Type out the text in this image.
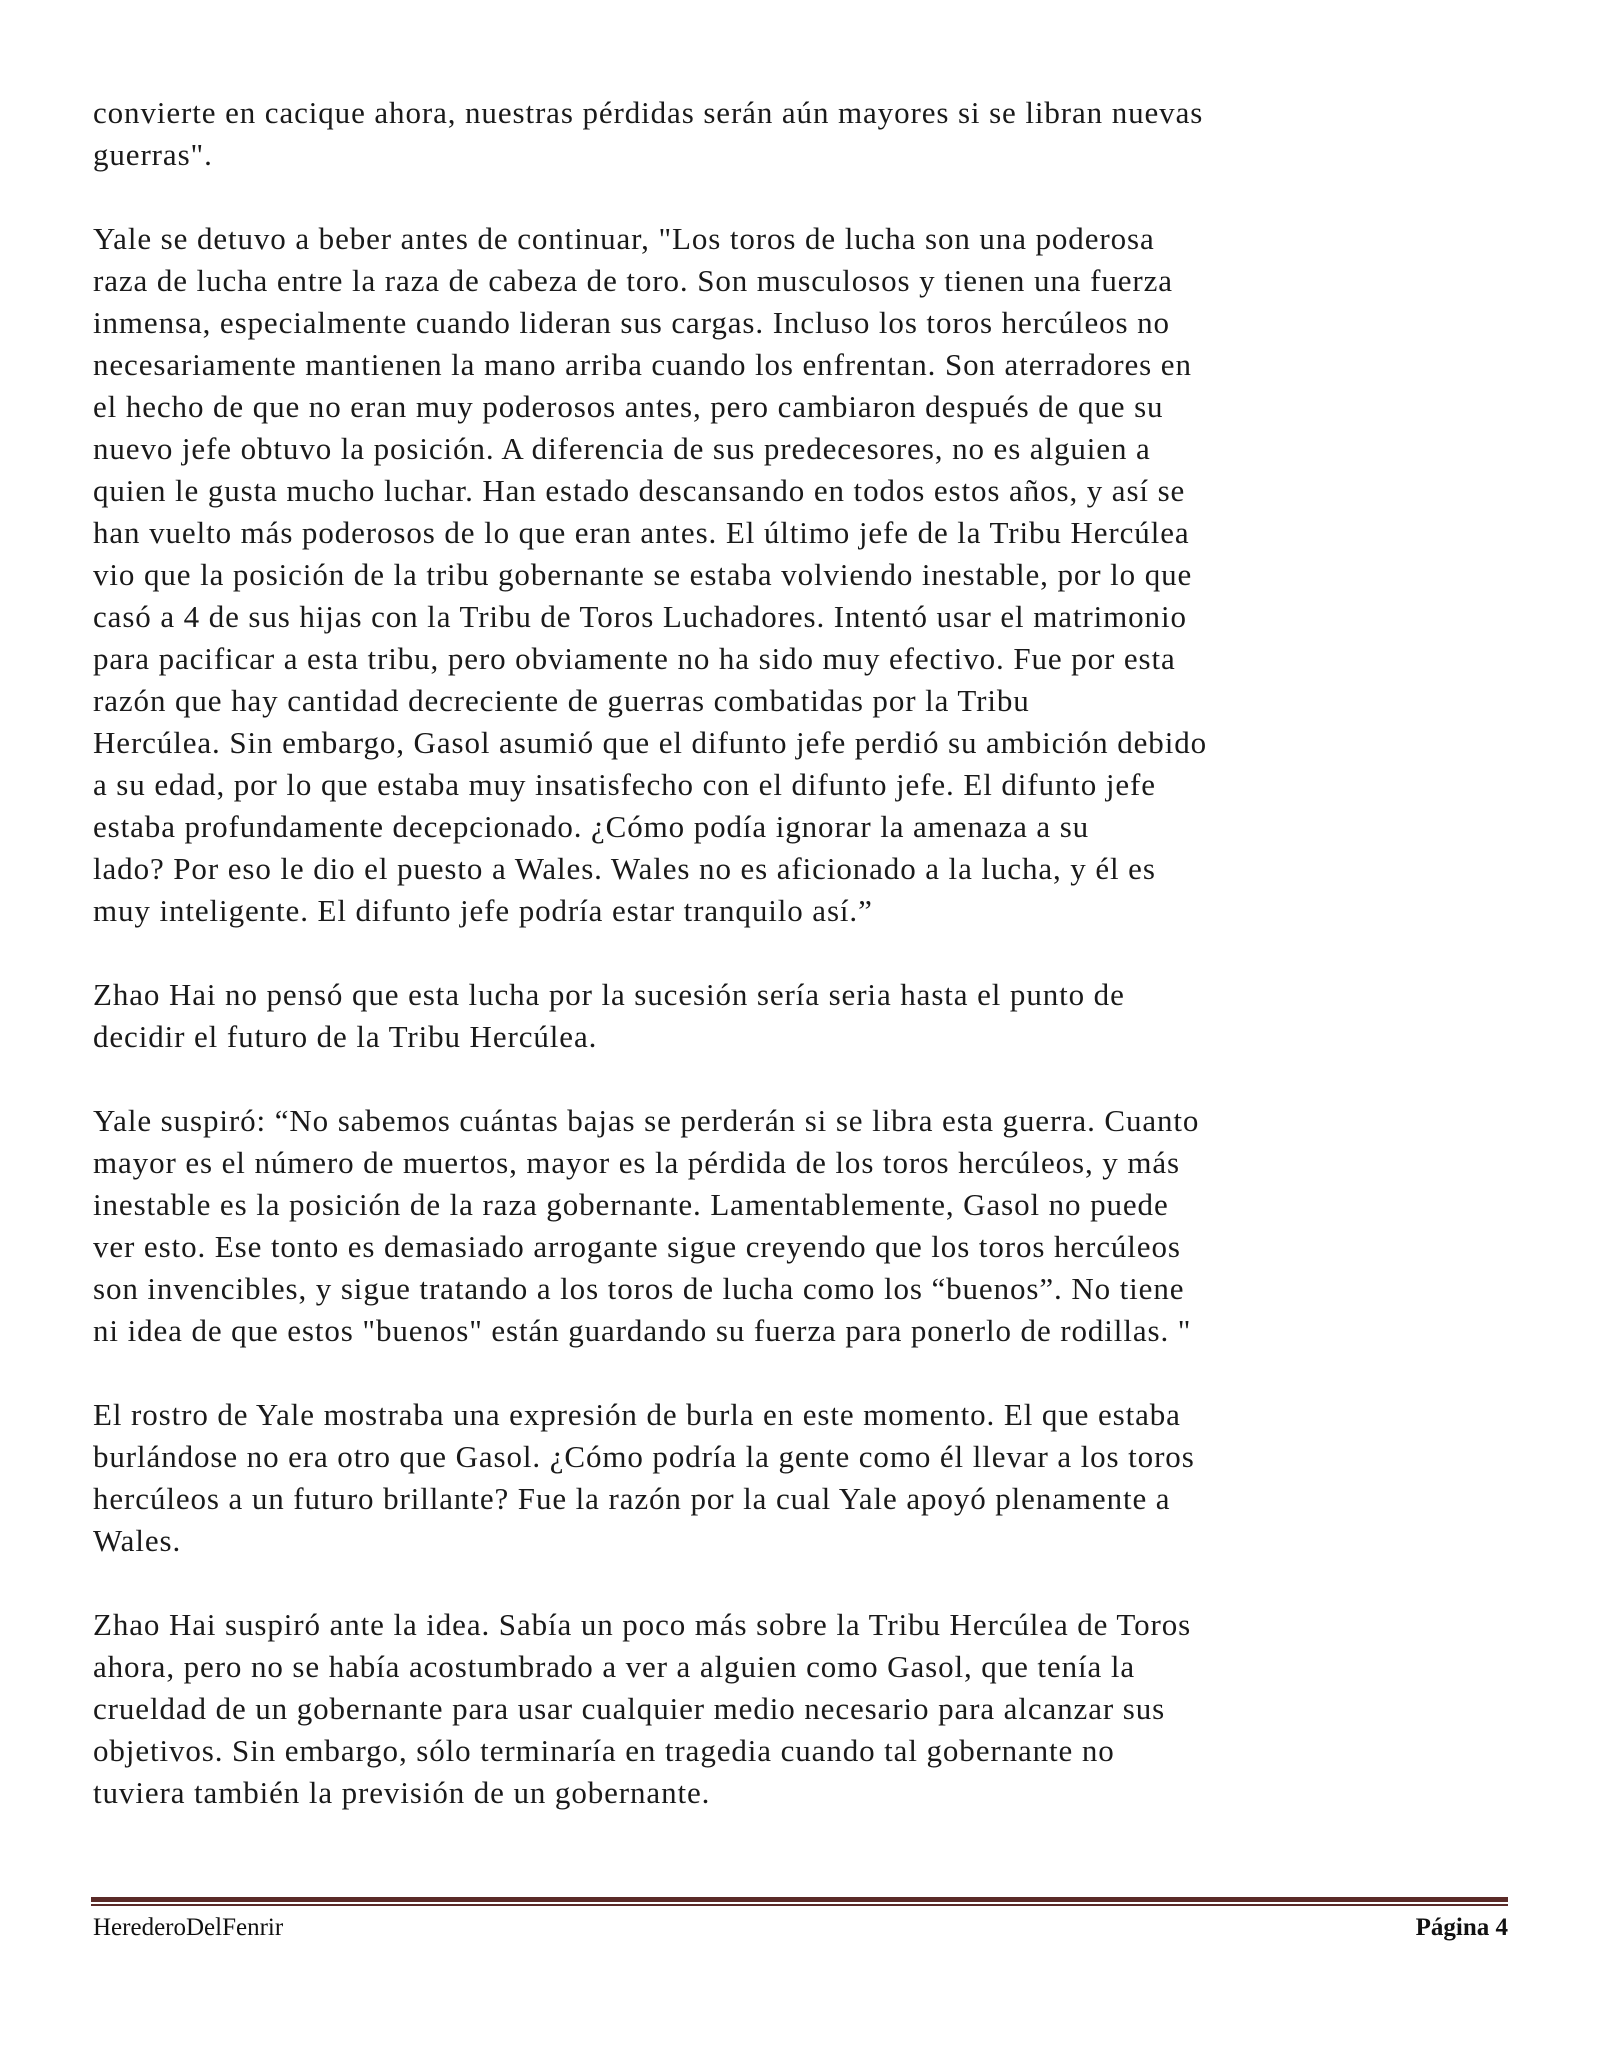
convierte en cacique ahora, nuestras pérdidas serán aún mayores si se libran nuevas
guerras".

Yale se detuvo a beber antes de continuar, "Los toros de lucha son una poderosa
raza de lucha entre la raza de cabeza de toro. Son musculosos y tienen una fuerza
inmensa, especialmente cuando lideran sus cargas. Incluso los toros hercúleos no
necesariamente mantienen la mano arriba cuando los enfrentan. Son aterradores en
el hecho de que no eran muy poderosos antes, pero cambiaron después de que su
nuevo jefe obtuvo la posición. A diferencia de sus predecesores, no es alguien a
quien le gusta mucho luchar. Han estado descansando en todos estos años, y así se
han vuelto más poderosos de lo que eran antes. El último jefe de la Tribu Hercúlea
vio que la posición de la tribu gobernante se estaba volviendo inestable, por lo que
casó a 4 de sus hijas con la Tribu de Toros Luchadores. Intentó usar el matrimonio
para pacificar a esta tribu, pero obviamente no ha sido muy efectivo. Fue por esta
razón que hay cantidad decreciente de guerras combatidas por la Tribu
Hercúlea. Sin embargo, Gasol asumió que el difunto jefe perdió su ambición debido
a su edad, por lo que estaba muy insatisfecho con el difunto jefe. El difunto jefe
estaba profundamente decepcionado. ¿Cómo podía ignorar la amenaza a su
lado? Por eso le dio el puesto a Wales. Wales no es aficionado a la lucha, y él es
muy inteligente. El difunto jefe podría estar tranquilo así.”

Zhao Hai no pensó que esta lucha por la sucesión sería seria hasta el punto de
decidir el futuro de la Tribu Hercúlea.

Yale suspiró: “No sabemos cuántas bajas se perderán si se libra esta guerra. Cuanto
mayor es el número de muertos, mayor es la pérdida de los toros hercúleos, y más
inestable es la posición de la raza gobernante. Lamentablemente, Gasol no puede
ver esto. Ese tonto es demasiado arrogante sigue creyendo que los toros hercúleos
son invencibles, y sigue tratando a los toros de lucha como los “buenos”. No tiene
ni idea de que estos "buenos" están guardando su fuerza para ponerlo de rodillas. "

El rostro de Yale mostraba una expresión de burla en este momento. El que estaba
burlándose no era otro que Gasol. ¿Cómo podría la gente como él llevar a los toros
hercúleos a un futuro brillante? Fue la razón por la cual Yale apoyó plenamente a
Wales.

Zhao Hai suspiró ante la idea. Sabía un poco más sobre la Tribu Hercúlea de Toros
ahora, pero no se había acostumbrado a ver a alguien como Gasol, que tenía la
crueldad de un gobernante para usar cualquier medio necesario para alcanzar sus
objetivos. Sin embargo, sólo terminaría en tragedia cuando tal gobernante no
tuviera también la previsión de un gobernante.

HerederoDelFenrir	Página 4
